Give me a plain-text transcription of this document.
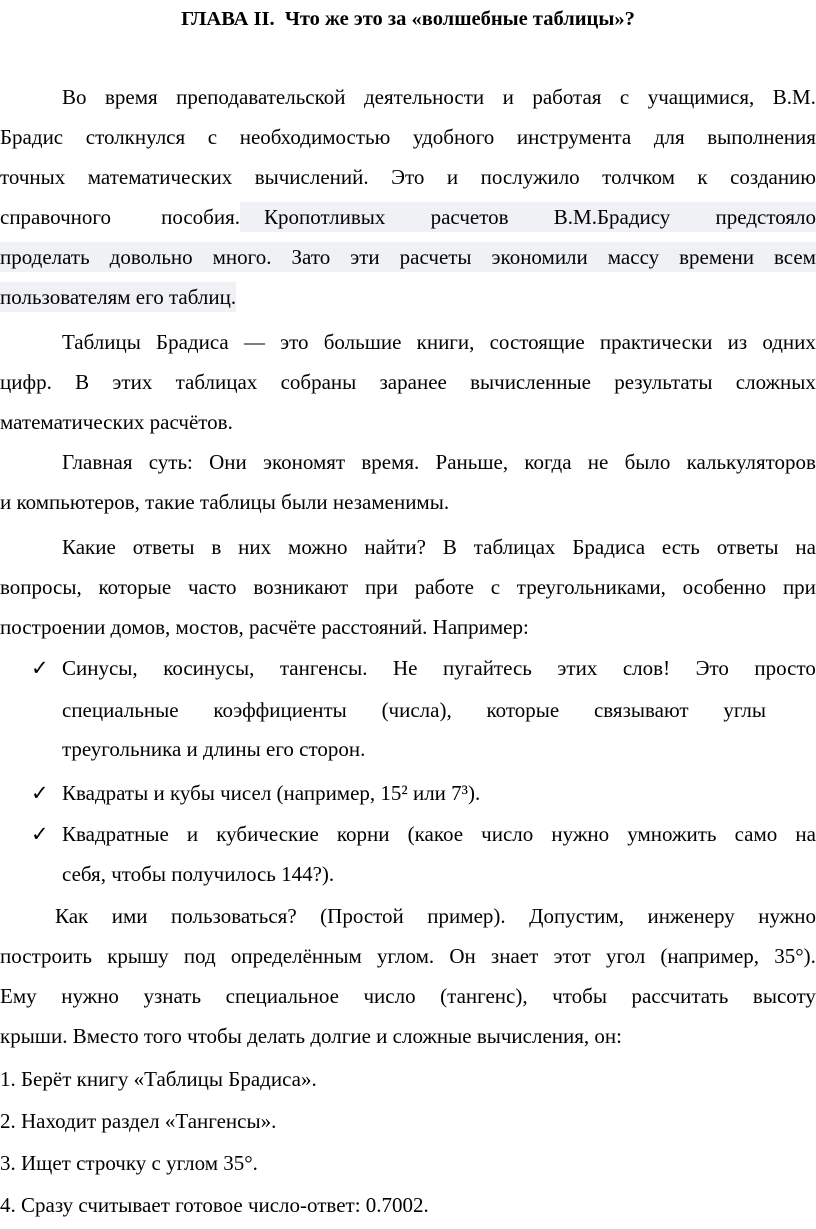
ГЛАВА II.  Что же это за «волшебные таблицы»?
Во время преподавательской деятельности и работая с учащимися, В.М.
Брадис столкнулся с необходимостью удобного инструмента для выполнения
точных математических вычислений. Это и послужило толчком к созданию
справочного пособия. Кропотливых расчетов В.М.Брадису предстояло
проделать довольно много. Зато эти расчеты экономили массу времени всем
пользователям его таблиц.
Таблицы Брадиса — это большие книги, состоящие практически из одних
цифр. В этих таблицах собраны заранее вычисленные результаты сложных
математических расчётов.
Главная суть: Они экономят время. Раньше, когда не было калькуляторов
и компьютеров, такие таблицы были незаменимы.
Какие ответы в них можно найти? В таблицах Брадиса есть ответы на
вопросы, которые часто возникают при работе с треугольниками, особенно при
построении домов, мостов, расчёте расстояний. Например:
✓ Синусы, косинусы, тангенсы. Не пугайтесь этих слов! Это просто
специальные коэффициенты (числа), которые связывают углы
треугольника и длины его сторон.
✓ Квадраты и кубы чисел (например, 15² или 7³).
✓ Квадратные и кубические корни (какое число нужно умножить само на
себя, чтобы получилось 144?).
Как ими пользоваться? (Простой пример). Допустим, инженеру нужно
построить крышу под определённым углом. Он знает этот угол (например, 35°).
Ему нужно узнать специальное число (тангенс), чтобы рассчитать высоту
крыши. Вместо того чтобы делать долгие и сложные вычисления, он:
1. Берёт книгу «Таблицы Брадиса».
2. Находит раздел «Тангенсы».
3. Ищет строчку с углом 35°.
4. Сразу считывает готовое число-ответ: 0.7002.
